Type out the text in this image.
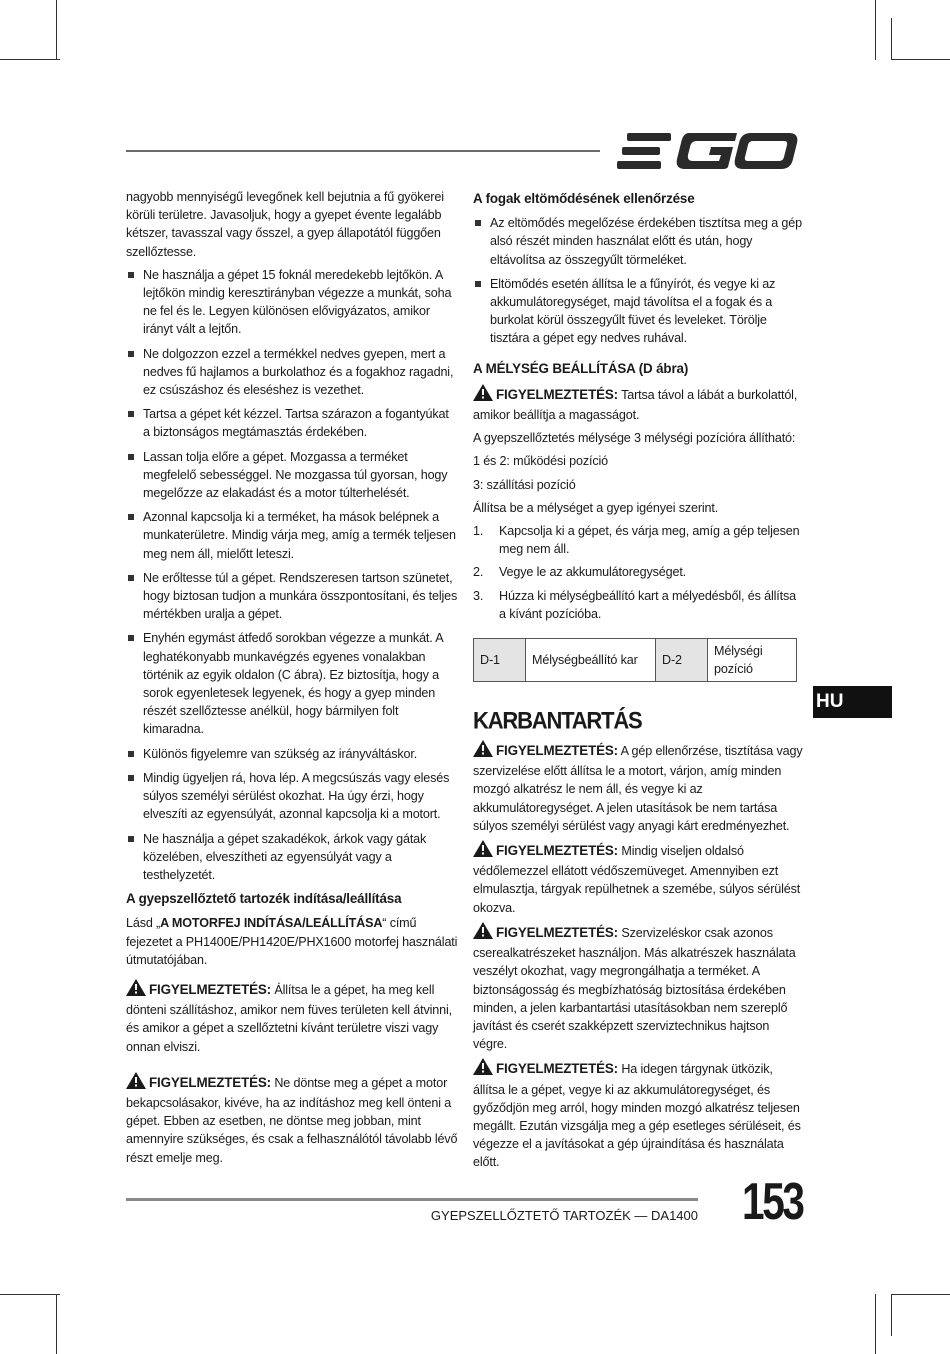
nagyobb mennyiségű levegőnek kell bejutnia a fű gyökerei körüli területre. Javasoljuk, hogy a gyepet évente legalább kétszer, tavasszal vagy ősszel, a gyep állapotától függően szellőztesse.

Ne használja a gépet 15 foknál meredekebb lejtőkön. A lejtőkön mindig keresztirányban végezze a munkát, soha ne fel és le. Legyen különösen elővigyázatos, amikor irányt vált a lejtőn.
Ne dolgozzon ezzel a termékkel nedves gyepen, mert a nedves fű hajlamos a burkolathoz és a fogakhoz ragadni, ez csúszáshoz és eleséshez is vezethet.
Tartsa a gépet két kézzel. Tartsa szárazon a fogantyúkat a biztonságos megtámasztás érdekében.
Lassan tolja előre a gépet. Mozgassa a terméket megfelelő sebességgel. Ne mozgassa túl gyorsan, hogy megelőzze az elakadást és a motor túlterhelését.
Azonnal kapcsolja ki a terméket, ha mások belépnek a munkaterületre. Mindig várja meg, amíg a termék teljesen meg nem áll, mielőtt leteszi.
Ne erőltesse túl a gépet. Rendszeresen tartson szünetet, hogy biztosan tudjon a munkára összpontosítani, és teljes mértékben uralja a gépet.
Enyhén egymást átfedő sorokban végezze a munkát. A leghatékonyabb munkavégzés egyenes vonalakban történik az egyik oldalon (C ábra). Ez biztosítja, hogy a sorok egyenletesek legyenek, és hogy a gyep minden részét szellőztesse anélkül, hogy bármilyen folt kimaradna.
Különös figyelemre van szükség az irányváltáskor.
Mindig ügyeljen rá, hova lép. A megcsúszás vagy elesés súlyos személyi sérülést okozhat. Ha úgy érzi, hogy elveszíti az egyensúlyát, azonnal kapcsolja ki a motort.
Ne használja a gépet szakadékok, árkok vagy gátak közelében, elveszítheti az egyensúlyát vagy a testhelyzetét.
A gyepszellőztető tartozék indítása/leállítása

Lásd „A MOTORFEJ INDÍTÁSA/LEÁLLÍTÁSA“ című fejezetet a PH1400E/PH1420E/PHX1600 motorfej használati útmutatójában.

FIGYELMEZTETÉS: Állítsa le a gépet, ha meg kell dönteni szállításhoz, amikor nem füves területen kell átvinni, és amikor a gépet a szellőztetni kívánt területre viszi vagy onnan elviszi.

FIGYELMEZTETÉS: Ne döntse meg a gépet a motor bekapcsolásakor, kivéve, ha az indításhoz meg kell önteni a gépet. Ebben az esetben, ne döntse meg jobban, mint amennyire szükséges, és csak a felhasználótól távolabb lévő részt emelje meg.

A fogak eltömődésének ellenőrzése
Az eltömődés megelőzése érdekében tisztítsa meg a gép alsó részét minden használat előtt és után, hogy eltávolítsa az összegyűlt törmeléket.
Eltömődés esetén állítsa le a fűnyírót, és vegye ki az akkumulátoregységet, majd távolítsa el a fogak és a burkolat körül összegyűlt füvet és leveleket. Törölje tisztára a gépet egy nedves ruhával.
A MÉLYSÉG BEÁLLÍTÁSA (D ábra)

FIGYELMEZTETÉS: Tartsa távol a lábát a burkolattól, amikor beállítja a magasságot.

A gyepszellőztetés mélysége 3 mélységi pozícióra állítható:

1 és 2: működési pozíció

3: szállítási pozíció

Állítsa be a mélységet a gyep igényei szerint.

1. Kapcsolja ki a gépet, és várja meg, amíg a gép teljesen meg nem áll.
2. Vegye le az akkumulátoregységet.
3. Húzza ki mélységbeállító kart a mélyedésből, és állítsa a kívánt pozícióba.
D-1	Mélységbeállító kar	D-2	Mélységi pozíció
KARBANTARTÁS

FIGYELMEZTETÉS: A gép ellenőrzése, tisztítása vagy szervizelése előtt állítsa le a motort, várjon, amíg minden mozgó alkatrész le nem áll, és vegye ki az akkumulátoregységet. A jelen utasítások be nem tartása súlyos személyi sérülést vagy anyagi kárt eredményezhet.

FIGYELMEZTETÉS: Mindig viseljen oldalsó védőlemezzel ellátott védőszemüveget. Amennyiben ezt elmulasztja, tárgyak repülhetnek a szemébe, súlyos sérülést okozva.

FIGYELMEZTETÉS: Szervizeléskor csak azonos cserealkatrészeket használjon. Más alkatrészek használata veszélyt okozhat, vagy megrongálhatja a terméket. A biztonságosság és megbízhatóság biztosítása érdekében minden, a jelen karbantartási utasításokban nem szereplő javítást és cserét szakképzett szerviztechnikus hajtson végre.

FIGYELMEZTETÉS: Ha idegen tárgynak ütközik, állítsa le a gépet, vegye ki az akkumulátoregységet, és győződjön meg arról, hogy minden mozgó alkatrész teljesen megállt. Ezután vizsgálja meg a gép esetleges sérüléseit, és végezze el a javításokat a gép újraindítása és használata előtt.

HU
GYEPSZELLŐZTETŐ TARTOZÉK — DA1400 153
